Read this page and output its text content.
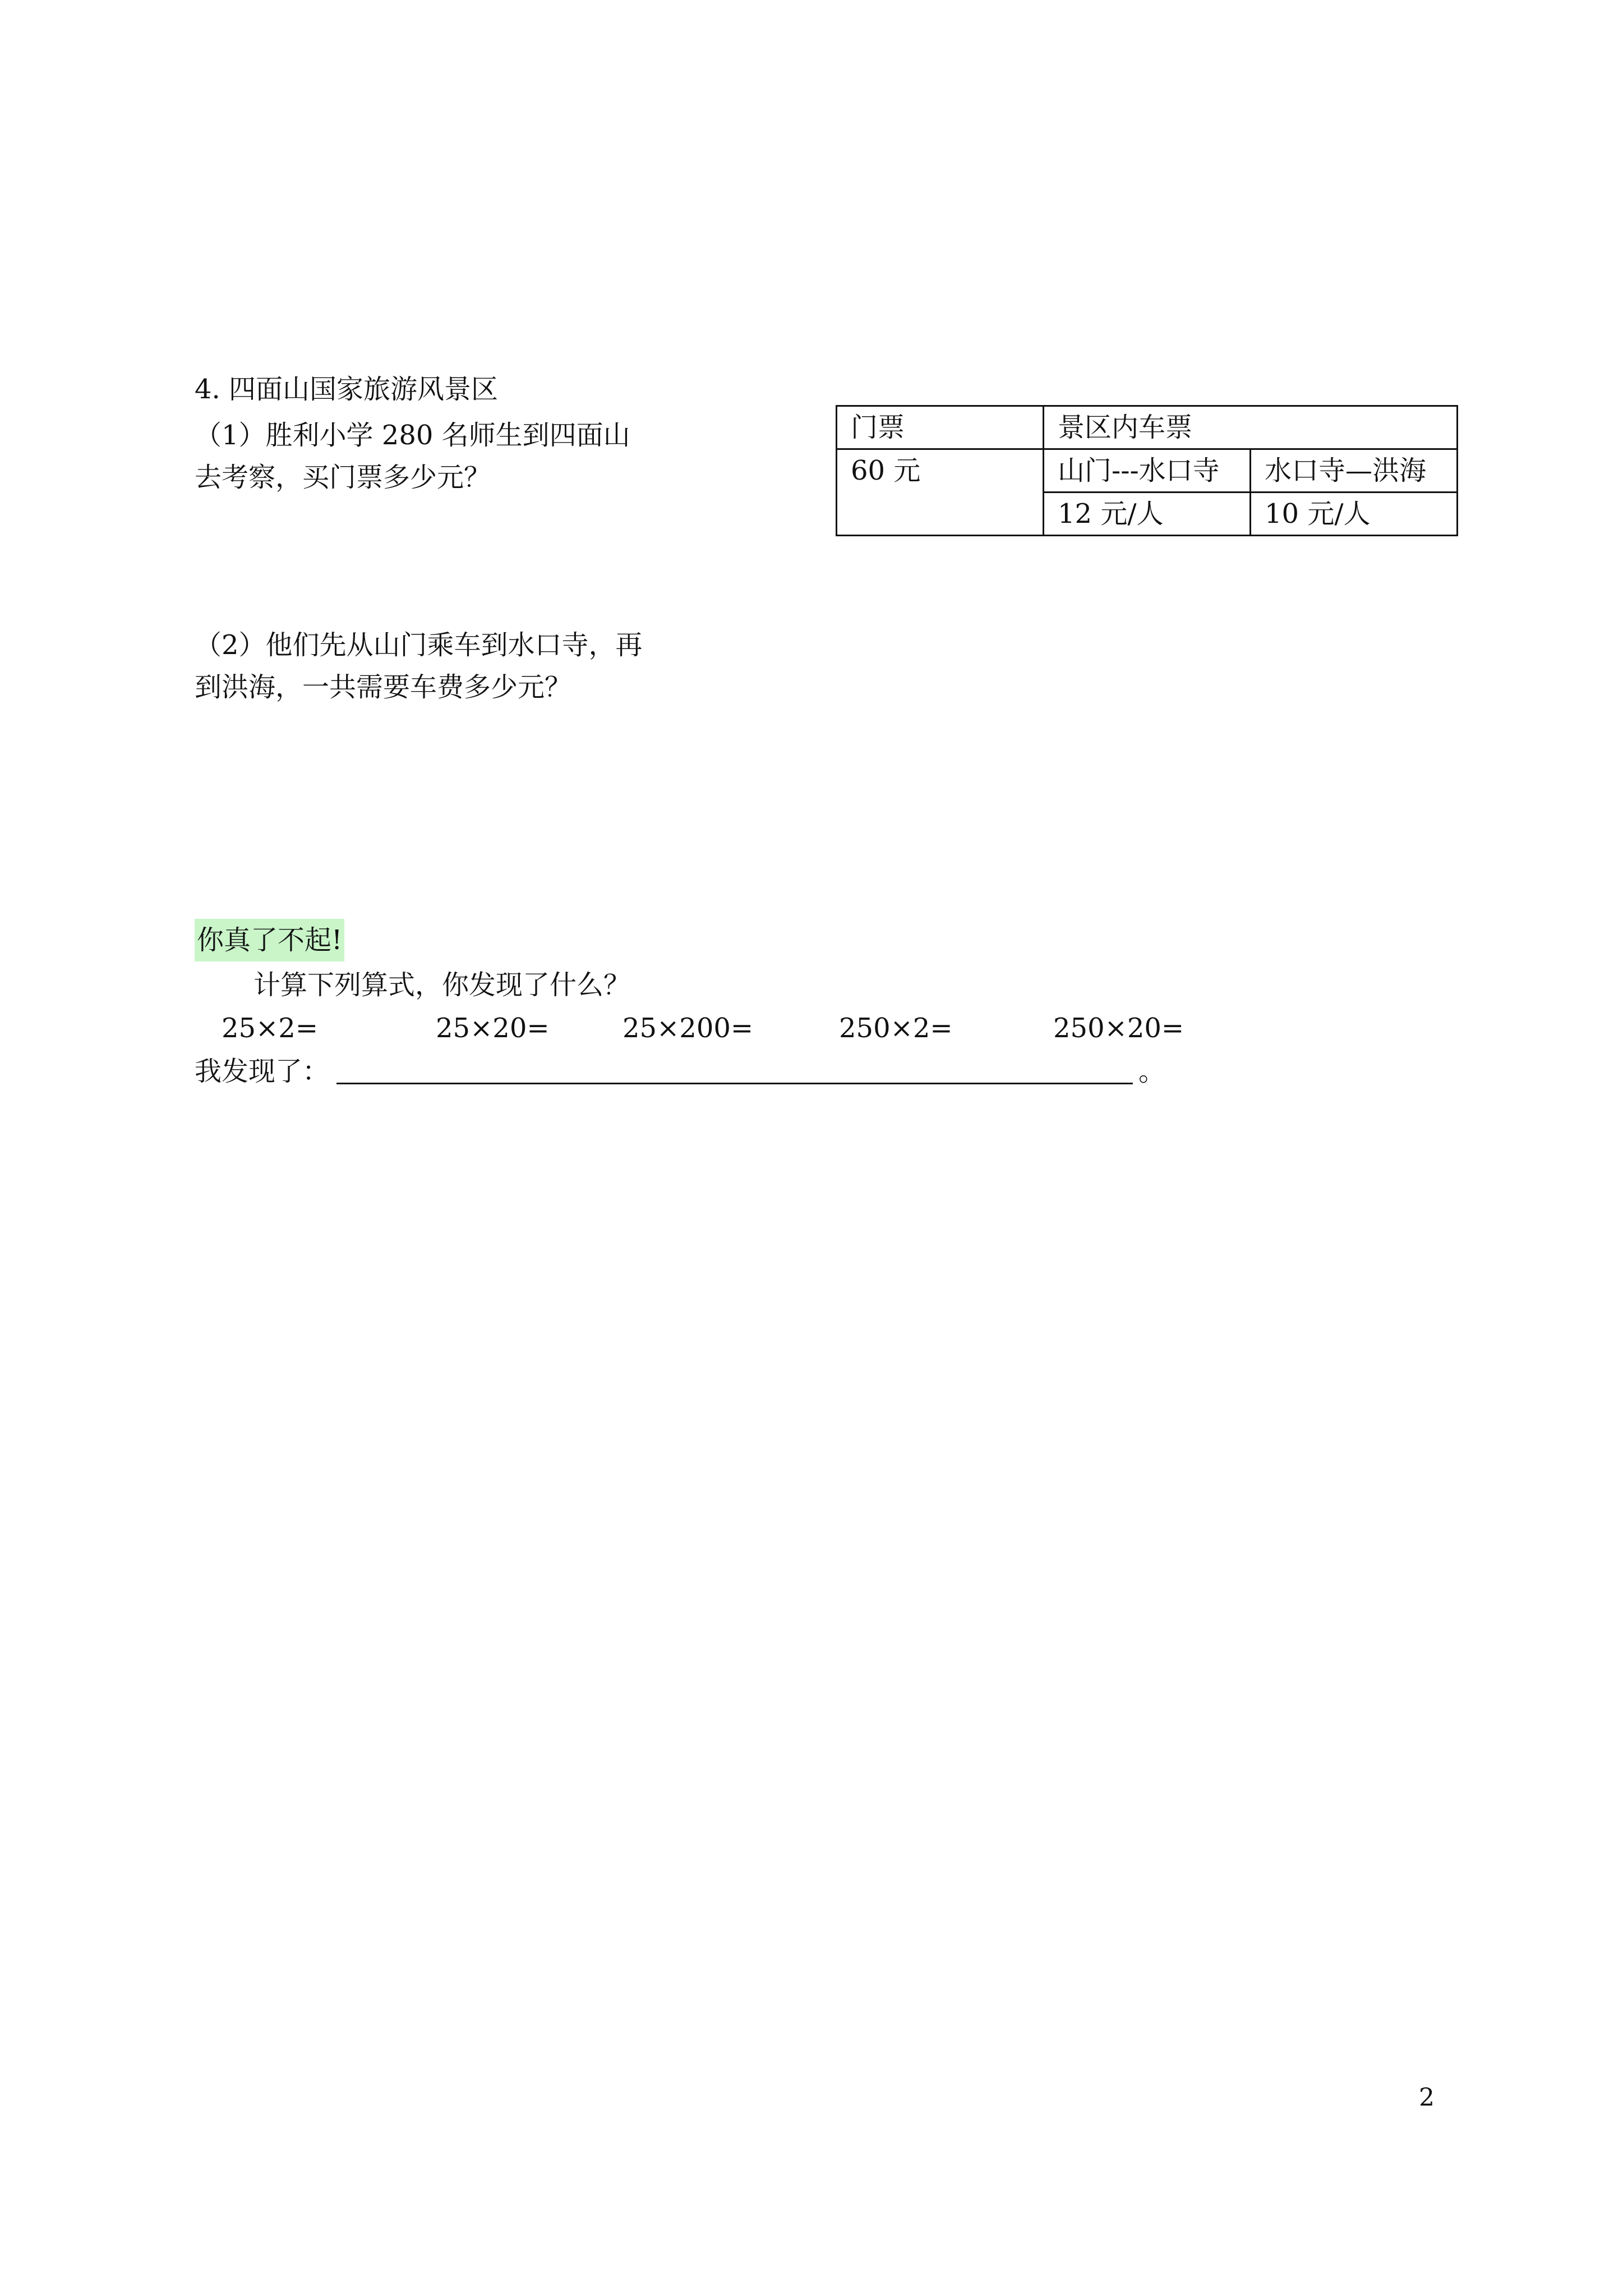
4. 四面山国家旅游风景区
（1）胜利小学 280 名师生到四面山
去考察，买门票多少元？
门票	景区内车票	
60 元	山门---水口寺	水口寺—洪海
	12 元/人	10 元/人
（2）他们先从山门乘车到水口寺，再
到洪海，一共需要车费多少元？
你真了不起!
计算下列算式，你发现了什么？
25×2=	25×20=	25×200=	250×2=	250×20=
我发现了：	。
2
